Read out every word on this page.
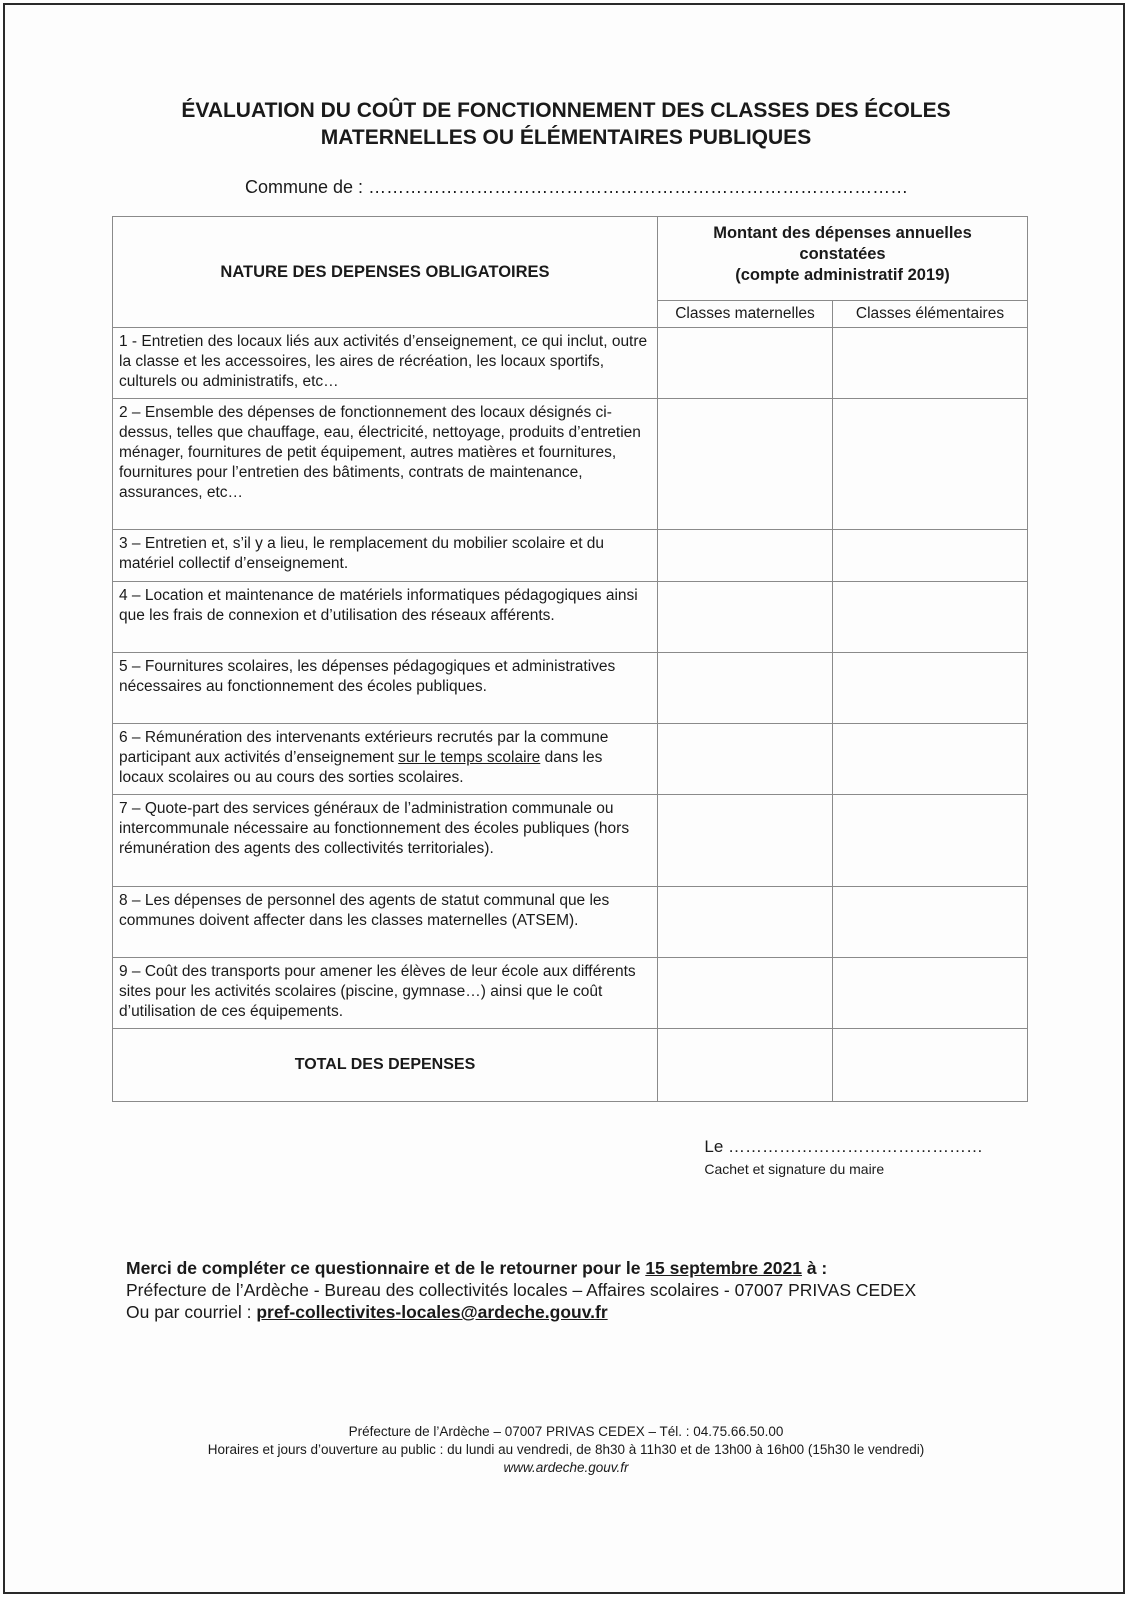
ÉVALUATION DU COÛT DE FONCTIONNEMENT DES CLASSES DES ÉCOLES
MATERNELLES OU ÉLÉMENTAIRES PUBLIQUES
Commune de : ………………………………………………………………………………
NATURE DES DEPENSES OBLIGATOIRES	Montant des dépenses annuelles
constatées
(compte administratif 2019)	

	Classes maternelles	Classes élémentaires
1 - Entretien des locaux liés aux activités d’enseignement, ce qui inclut, outre la classe et les accessoires, les aires de récréation, les locaux sportifs, culturels ou administratifs, etc…		
2 – Ensemble des dépenses de fonctionnement des locaux désignés ci-dessus, telles que chauffage, eau, électricité, nettoyage, produits d’entretien ménager, fournitures de petit équipement, autres matières et fournitures, fournitures pour l’entretien des bâtiments, contrats de maintenance, assurances, etc…		
3 – Entretien et, s’il y a lieu, le remplacement du mobilier scolaire et du matériel collectif d’enseignement.		
4 – Location et maintenance de matériels informatiques pédagogiques ainsi que les frais de connexion et d’utilisation des réseaux afférents.		
5 – Fournitures scolaires, les dépenses pédagogiques et administratives nécessaires au fonctionnement des écoles publiques.		
6 – Rémunération des intervenants extérieurs recrutés par la commune participant aux activités d’enseignement sur le temps scolaire dans les locaux scolaires ou au cours des sorties scolaires.		
7 – Quote-part des services généraux de l’administration communale ou intercommunale nécessaire au fonctionnement des écoles publiques (hors rémunération des agents des collectivités territoriales).		
8 – Les dépenses de personnel des agents de statut communal que les communes doivent affecter dans les classes maternelles (ATSEM).		
9 – Coût des transports pour amener les élèves de leur école aux différents sites pour les activités scolaires (piscine, gymnase…) ainsi que le coût d’utilisation de ces équipements.		
TOTAL DES DEPENSES		
Le ………………………………………
Cachet et signature du maire
Merci de compléter ce questionnaire et de le retourner pour le 15 septembre 2021 à :
Préfecture de l’Ardèche - Bureau des collectivités locales – Affaires scolaires - 07007 PRIVAS CEDEX
Ou par courriel : pref-collectivites-locales@ardeche.gouv.fr
Préfecture de l’Ardèche – 07007 PRIVAS CEDEX – Tél. : 04.75.66.50.00
Horaires et jours d’ouverture au public : du lundi au vendredi, de 8h30 à 11h30 et de 13h00 à 16h00 (15h30 le vendredi)
www.ardeche.gouv.fr
